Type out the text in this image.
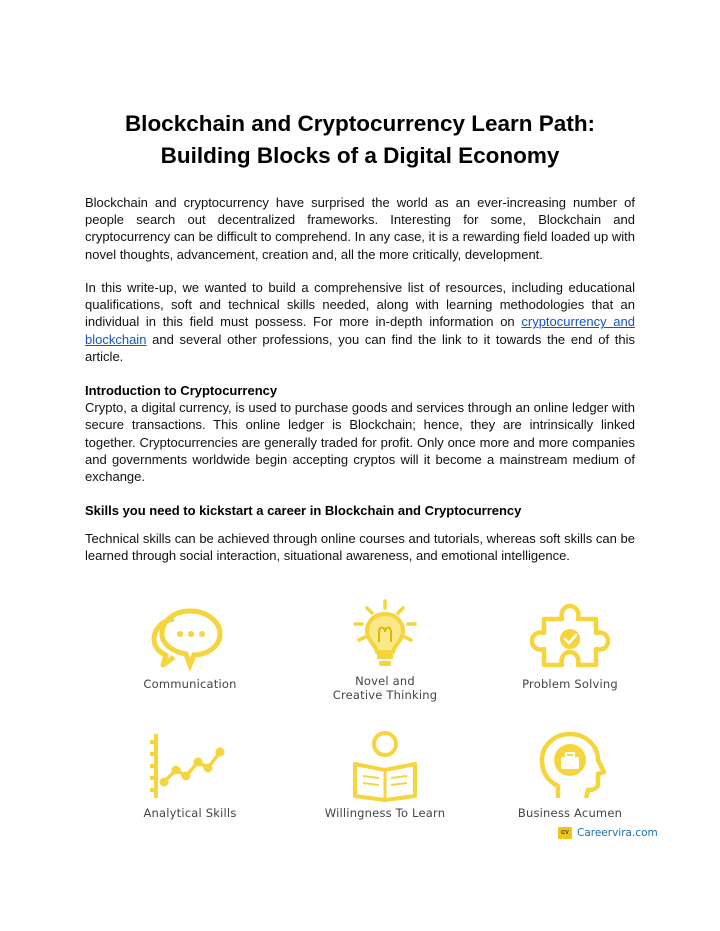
Blockchain and Cryptocurrency Learn Path:
Building Blocks of a Digital Economy

Blockchain and cryptocurrency have surprised the world as an ever-increasing number of people search out decentralized frameworks. Interesting for some, Blockchain and cryptocurrency can be difficult to comprehend. In any case, it is a rewarding field loaded up with novel thoughts, advancement, creation and, all the more critically, development.

In this write-up, we wanted to build a comprehensive list of resources, including educational qualifications, soft and technical skills needed, along with learning methodologies that an individual in this field must possess. For more in-depth information on cryptocurrency and blockchain and several other professions, you can find the link to it towards the end of this article.

Introduction to Cryptocurrency
Crypto, a digital currency, is used to purchase goods and services through an online ledger with secure transactions. This online ledger is Blockchain; hence, they are intrinsically linked together. Cryptocurrencies are generally traded for profit. Only once more and more companies and governments worldwide begin accepting cryptos will it become a mainstream medium of exchange.

Skills you need to kickstart a career in Blockchain and Cryptocurrency

Technical skills can be achieved through online courses and tutorials, whereas soft skills can be learned through social interaction, situational awareness, and emotional intelligence.

Communication	Novel and
Creative Thinking
Problem Solving
Analytical Skills	Willingness To Learn	Business Acumen
CV Careervira.com
